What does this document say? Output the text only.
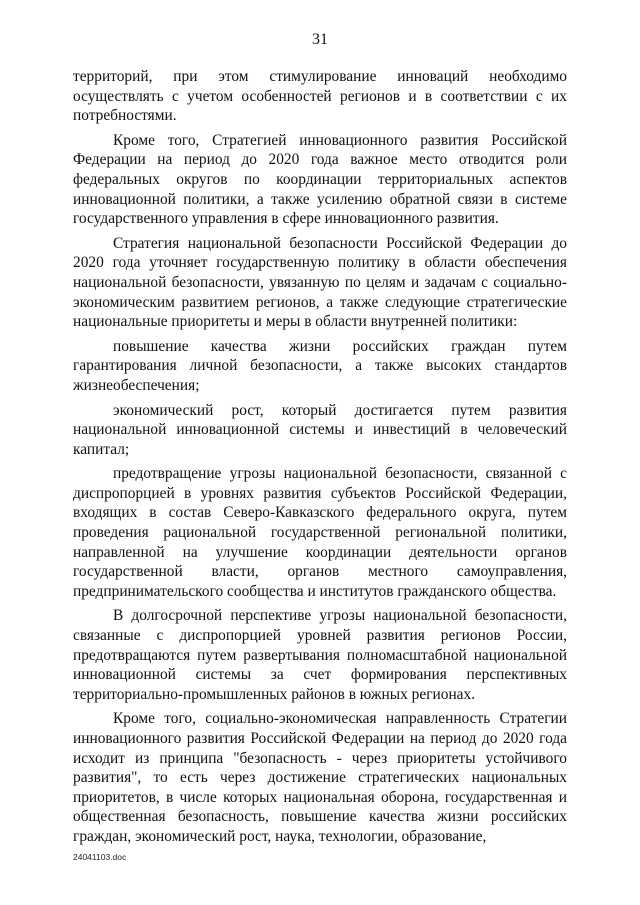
31

территорий, при этом стимулирование инноваций необходимо осуществлять с учетом особенностей регионов и в соответствии с их потребностями.

Кроме того, Стратегией инновационного развития Российской Федерации на период до 2020 года важное место отводится роли федеральных округов по координации территориальных аспектов инновационной политики, а также усилению обратной связи в системе государственного управления в сфере инновационного развития.

Стратегия национальной безопасности Российской Федерации до 2020 года уточняет государственную политику в области обеспечения национальной безопасности, увязанную по целям и задачам с социально-экономическим развитием регионов, а также следующие стратегические национальные приоритеты и меры в области внутренней политики:

повышение качества жизни российских граждан путем гарантирования личной безопасности, а также высоких стандартов жизнеобеспечения;

экономический рост, который достигается путем развития национальной инновационной системы и инвестиций в человеческий капитал;

предотвращение угрозы национальной безопасности, связанной с диспропорцией в уровнях развития субъектов Российской Федерации, входящих в состав Северо-Кавказского федерального округа, путем проведения рациональной государственной региональной политики, направленной на улучшение координации деятельности органов государственной власти, органов местного самоуправления, предпринимательского сообщества и институтов гражданского общества.

В долгосрочной перспективе угрозы национальной безопасности, связанные с диспропорцией уровней развития регионов России, предотвращаются путем развертывания полномасштабной национальной инновационной системы за счет формирования перспективных территориально-промышленных районов в южных регионах.

Кроме того, социально-экономическая направленность Стратегии инновационного развития Российской Федерации на период до 2020 года исходит из принципа "безопасность - через приоритеты устойчивого развития", то есть через достижение стратегических национальных приоритетов, в числе которых национальная оборона, государственная и общественная безопасность, повышение качества жизни российских граждан, экономический рост, наука, технологии, образование,

24041103.doc
